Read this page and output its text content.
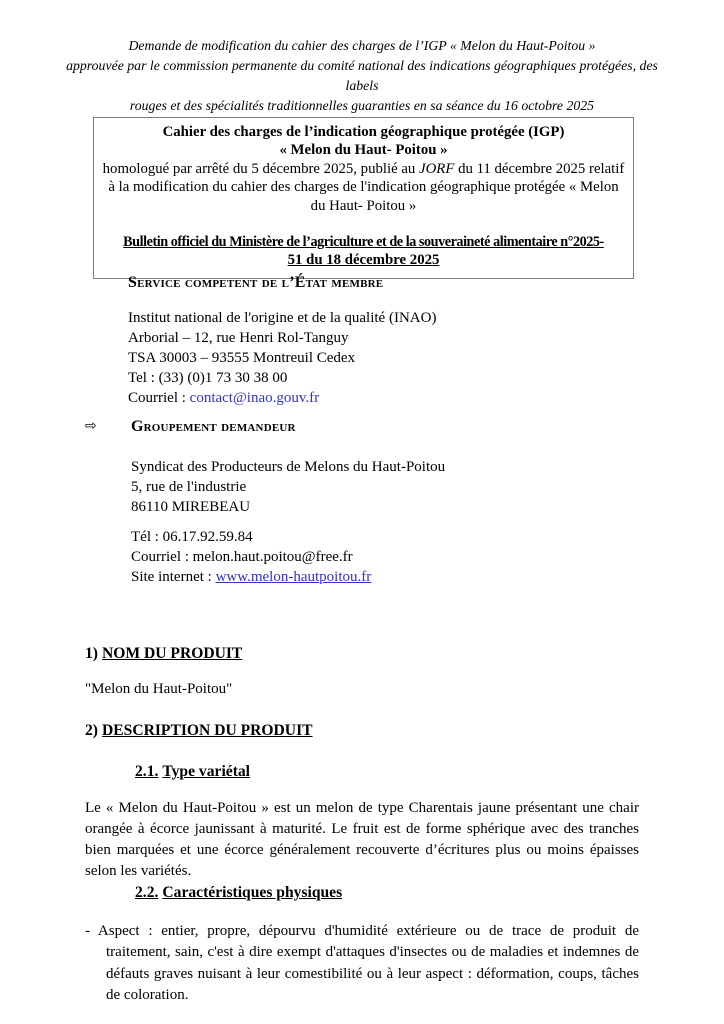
Demande de modification du cahier des charges de l’IGP « Melon du Haut-Poitou »
approuvée par le commission permanente du comité national des indications géographiques protégées, des labels
rouges et des spécialités traditionnelles guaranties en sa séance du 16 octobre 2025
Cahier des charges de l’indication géographique protégée (IGP)
« Melon du Haut- Poitou »
homologué par arrêté du 5 décembre 2025, publié au JORF du 11 décembre 2025 relatif à la modification du cahier des charges de l'indication géographique protégée « Melon du Haut- Poitou »
Bulletin officiel du Ministère de l’agriculture et de la souveraineté alimentaire n°2025-
51 du 18 décembre 2025
Service competent de l’État membre
Institut national de l'origine et de la qualité (INAO)
Arborial – 12, rue Henri Rol-Tanguy
TSA 30003 – 93555 Montreuil Cedex
Tel : (33) (0)1 73 30 38 00
Courriel : contact@inao.gouv.fr
⇨ Groupement demandeur
Syndicat des Producteurs de Melons du Haut-Poitou
5, rue de l'industrie
86110 MIREBEAU
Tél : 06.17.92.59.84
Courriel : melon.haut.poitou@free.fr
Site internet : www.melon-hautpoitou.fr
1) NOM DU PRODUIT
"Melon du Haut-Poitou"
2) DESCRIPTION DU PRODUIT
2.1. Type variétal
Le « Melon du Haut-Poitou » est un melon de type Charentais jaune présentant une chair orangée à écorce jaunissant à maturité. Le fruit est de forme sphérique avec des tranches bien marquées et une écorce généralement recouverte d’écritures plus ou moins épaisses selon les variétés.
2.2. Caractéristiques physiques
- Aspect : entier, propre, dépourvu d'humidité extérieure ou de trace de produit de traitement, sain, c'est à dire exempt d'attaques d'insectes ou de maladies et indemnes de défauts graves nuisant à leur comestibilité ou à leur aspect : déformation, coups, tâches de coloration.
